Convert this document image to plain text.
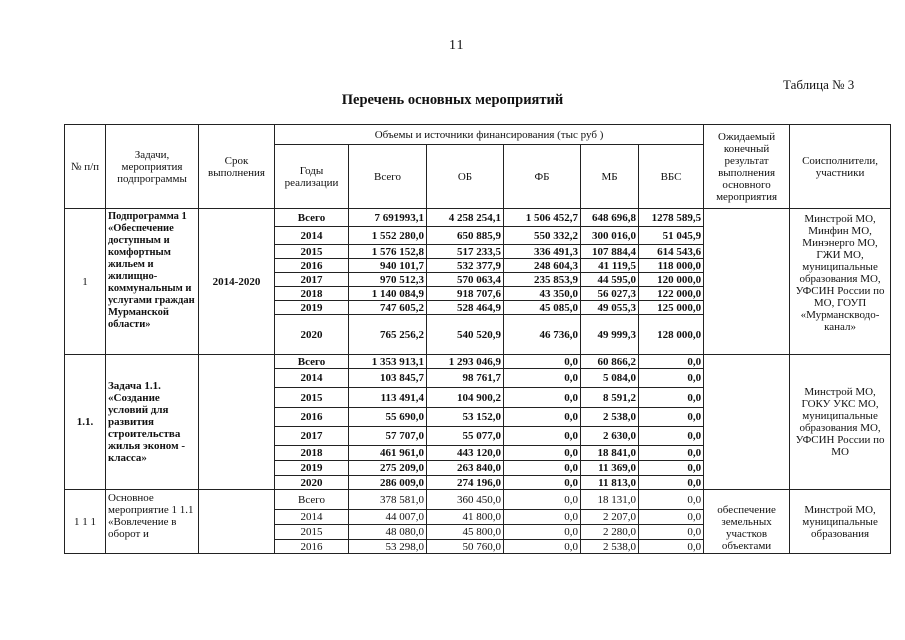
11
Таблица № 3
Перечень основных мероприятий
№ п/п	Задачи, мероприятия подпрограммы	Срок выполнения	Объемы и источники финансирования (тыс руб )						Ожидаемый конечный результат выполнения основного мероприятия	Соисполнители, участники
			Годы реализации	Всего	ОБ	ФБ	МБ	ВБС		
1	Подпрограмма 1 «Обеспечение доступным и комфортным жильем и жилищно-коммунальным и услугами граждан Мурманской области»	2014-2020	Всего	7 691993,1	4 258 254,1	1 506 452,7	648 696,8	1278 589,5		Минстрой МО, Минфин МО, Минэнерго МО, ГЖИ МО, муниципальные образования МО, УФСИН России по МО, ГОУП «Мурманскводо-канал»
			2014	1 552 280,0	650 885,9	550 332,2	300 016,0	51 045,9		
			2015	1 576 152,8	517 233,5	336 491,3	107 884,4	614 543,6		
			2016	940 101,7	532 377,9	248 604,3	41 119,5	118 000,0		
			2017	970 512,3	570 063,4	235 853,9	44 595,0	120 000,0		
			2018	1 140 084,9	918 707,6	43 350,0	56 027,3	122 000,0		
			2019	747 605,2	528 464,9	45 085,0	49 055,3	125 000,0		
			2020	765 256,2	540 520,9	46 736,0	49 999,3	128 000,0		
1.1.	Задача 1.1. «Создание условий для развития строительства жилья эконом - класса»		Всего	1 353 913,1	1 293 046,9	0,0	60 866,2	0,0		Минстрой МО, ГОКУ УКС МО, муниципальные образования МО, УФСИН России по МО
			2014	103 845,7	98 761,7	0,0	5 084,0	0,0		
			2015	113 491,4	104 900,2	0,0	8 591,2	0,0		
			2016	55 690,0	53 152,0	0,0	2 538,0	0,0		
			2017	57 707,0	55 077,0	0,0	2 630,0	0,0		
			2018	461 961,0	443 120,0	0,0	18 841,0	0,0		
			2019	275 209,0	263 840,0	0,0	11 369,0	0,0		
			2020	286 009,0	274 196,0	0,0	11 813,0	0,0		
1 1 1	Основное мероприятие 1 1.1 «Вовлечение в оборот и		Всего	378 581,0	360 450,0	0,0	18 131,0	0,0	обеспечение земельных участков объектами	Минстрой МО, муниципальные образования
			2014	44 007,0	41 800,0	0,0	2 207,0	0,0		
			2015	48 080,0	45 800,0	0,0	2 280,0	0,0		
			2016	53 298,0	50 760,0	0,0	2 538,0	0,0		
